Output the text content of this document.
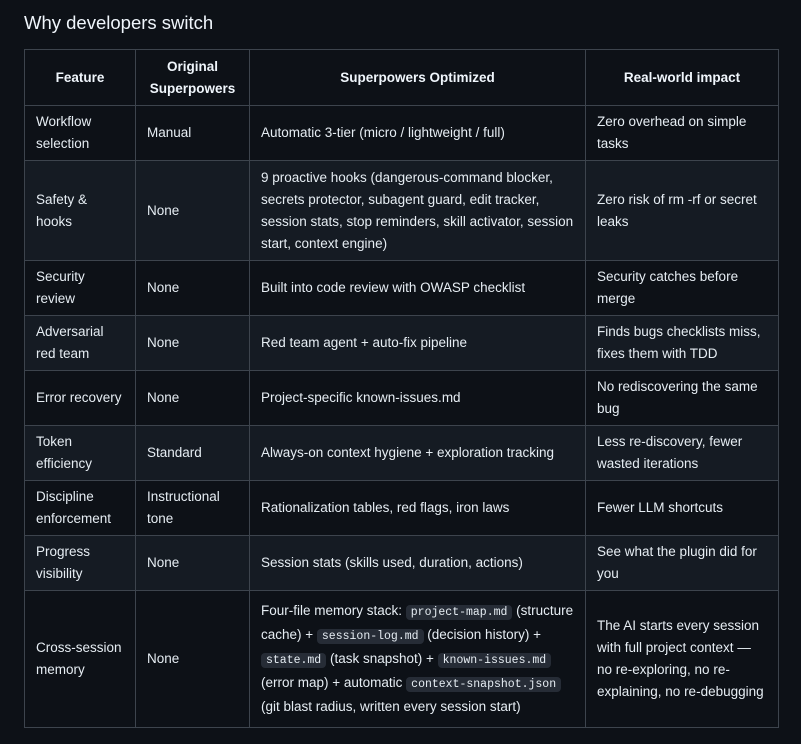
Why developers switch
Feature	Original Superpowers	Superpowers Optimized	Real-world impact
Workflow selection	Manual	Automatic 3-tier (micro / lightweight / full)	Zero overhead on simple tasks
Safety & hooks	None	9 proactive hooks (dangerous-command blocker, secrets protector, subagent guard, edit tracker, session stats, stop reminders, skill activator, session start, context engine)	Zero risk of rm -rf or secret leaks
Security review	None	Built into code review with OWASP checklist	Security catches before merge
Adversarial red team	None	Red team agent + auto-fix pipeline	Finds bugs checklists miss, fixes them with TDD
Error recovery	None	Project-specific known-issues.md	No rediscovering the same bug
Token efficiency	Standard	Always-on context hygiene + exploration tracking	Less re-discovery, fewer wasted iterations
Discipline enforcement	Instructional tone	Rationalization tables, red flags, iron laws	Fewer LLM shortcuts
Progress visibility	None	Session stats (skills used, duration, actions)	See what the plugin did for you
Cross-session memory	None	Four-file memory stack: project-map.md (structure cache) + session-log.md (decision history) + state.md (task snapshot) + known-issues.md (error map) + automatic context-snapshot.json (git blast radius, written every session start)	The AI starts every session with full project context — no re-exploring, no re-explaining, no re-debugging
